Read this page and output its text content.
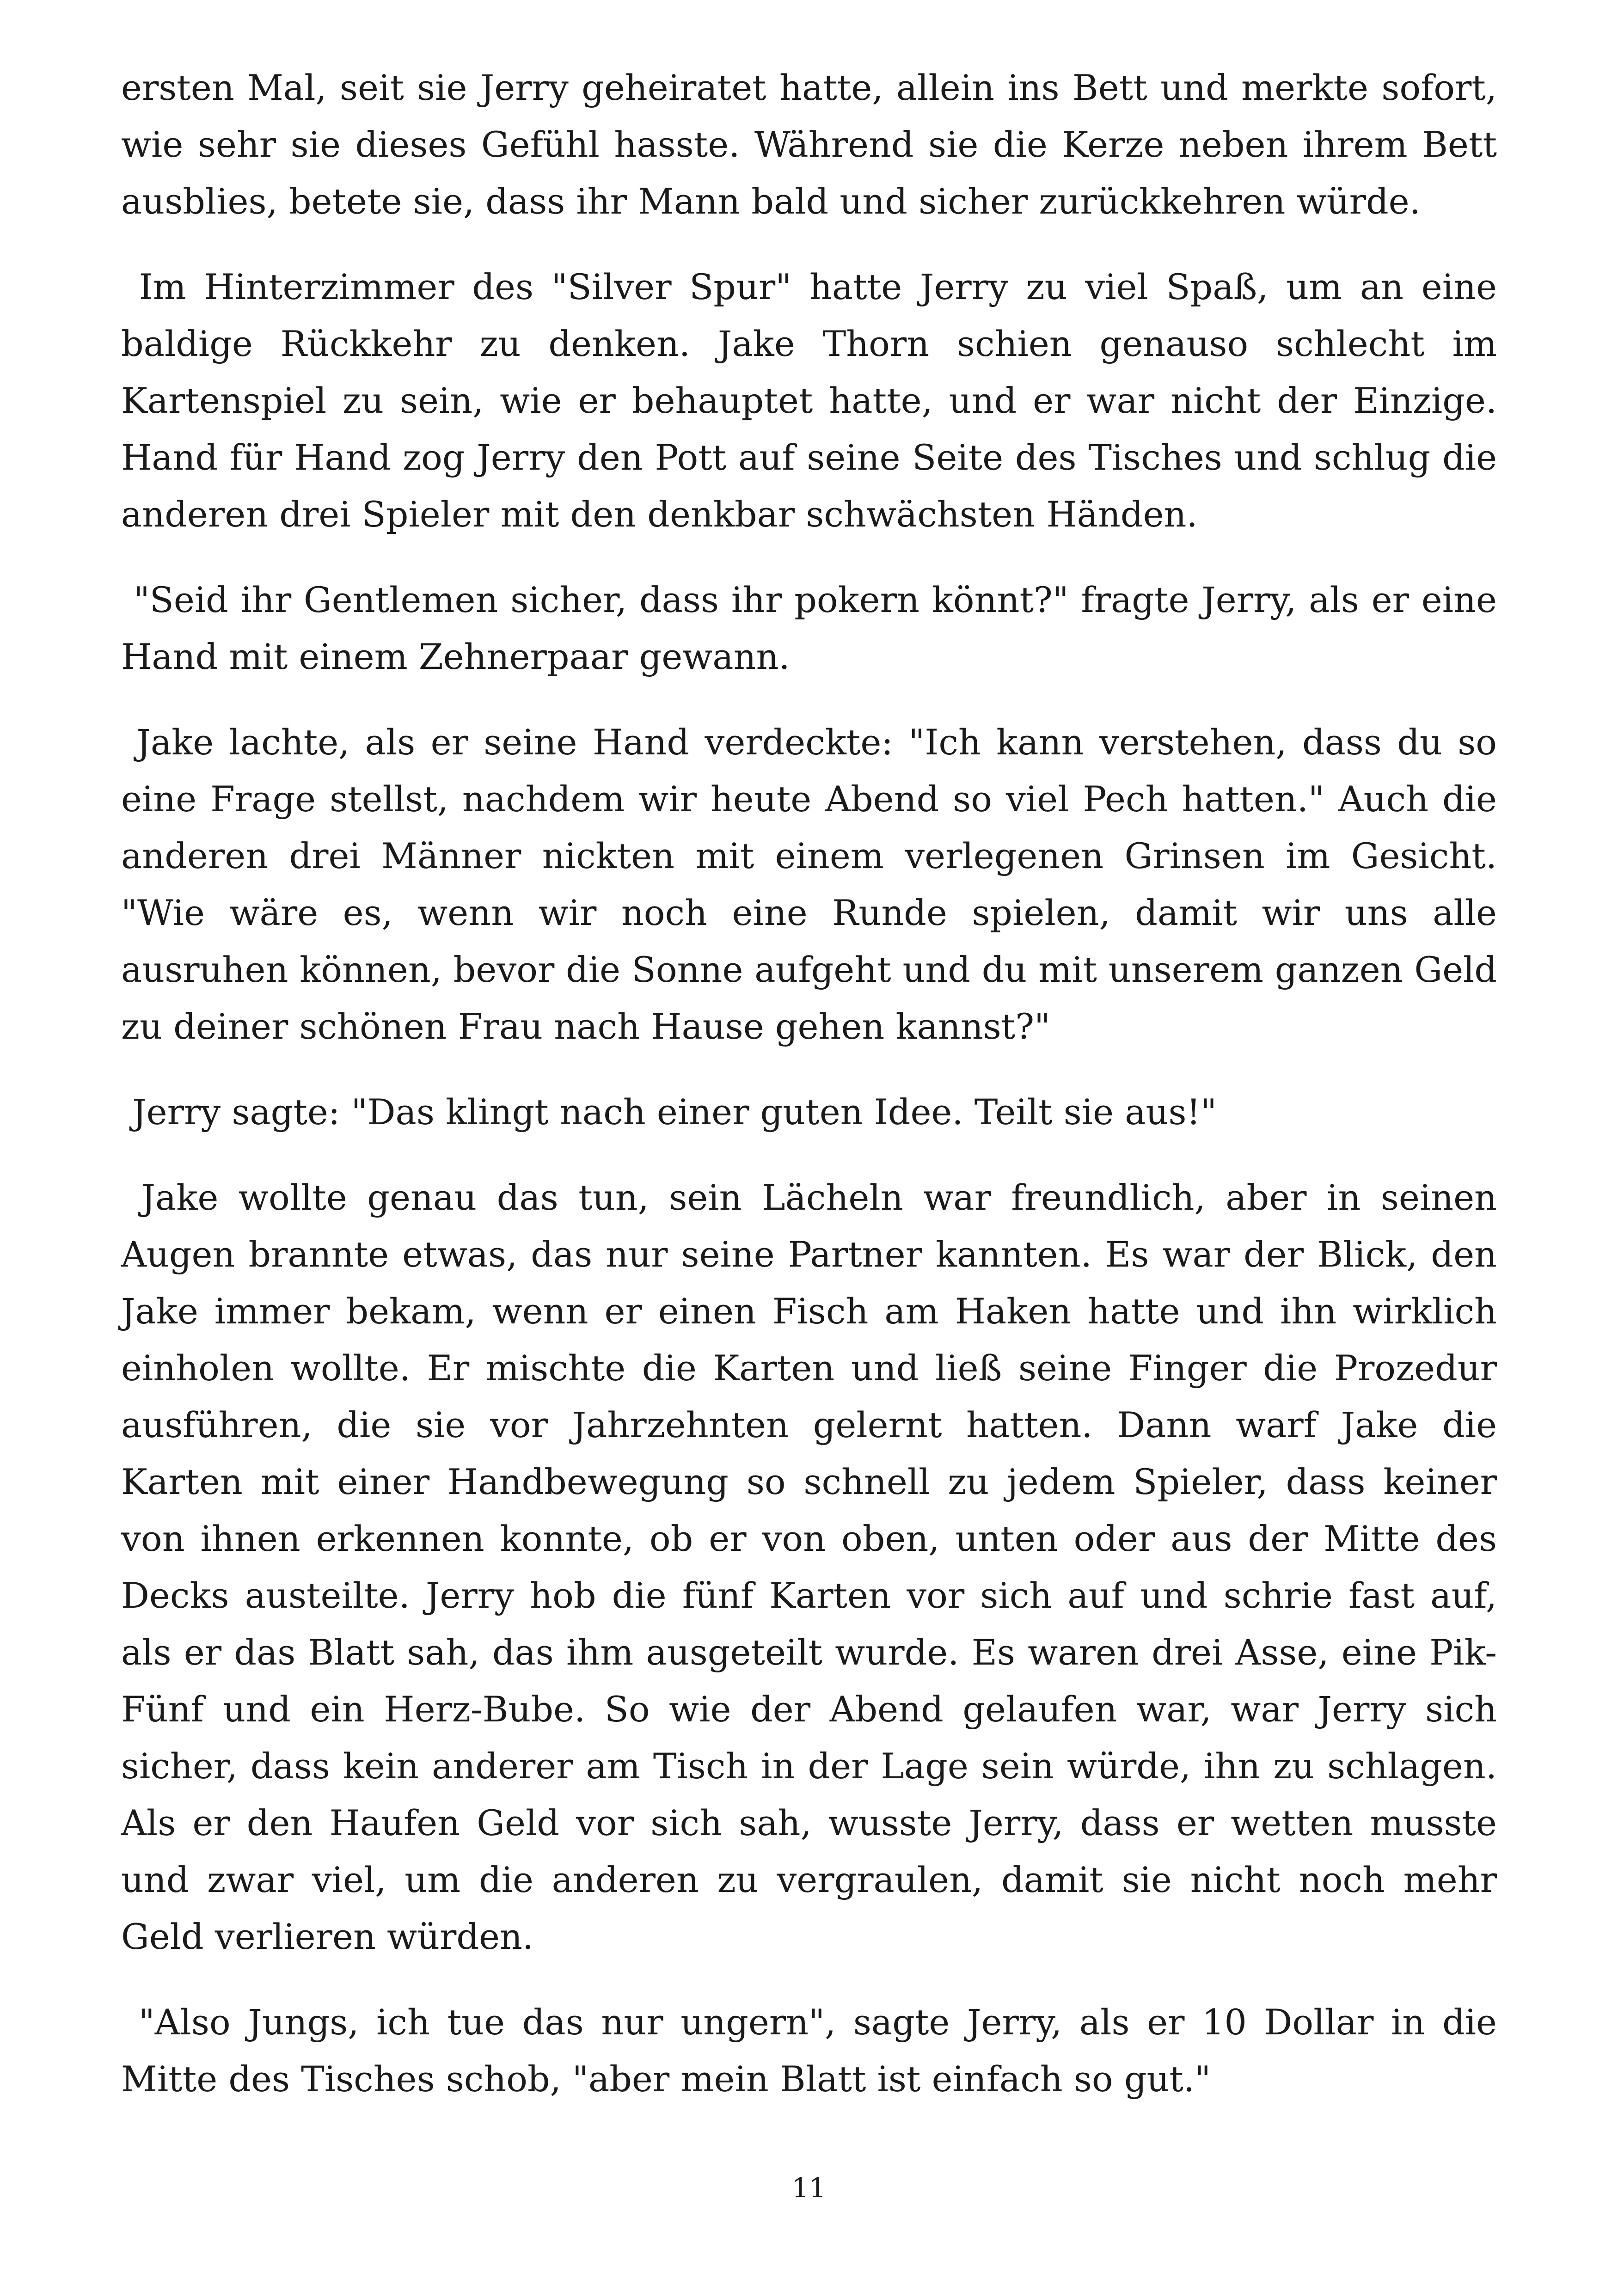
ersten Mal, seit sie Jerry geheiratet hatte, allein ins Bett und merkte sofort, wie sehr sie dieses Gefühl hasste. Während sie die Kerze neben ihrem Bett ausblies, betete sie, dass ihr Mann bald und sicher zurückkehren würde.

Im Hinterzimmer des "Silver Spur" hatte Jerry zu viel Spaß, um an eine baldige Rückkehr zu denken. Jake Thorn schien genauso schlecht im Kartenspiel zu sein, wie er behauptet hatte, und er war nicht der Einzige. Hand für Hand zog Jerry den Pott auf seine Seite des Tisches und schlug die anderen drei Spieler mit den denkbar schwächsten Händen.

"Seid ihr Gentlemen sicher, dass ihr pokern könnt?" fragte Jerry, als er eine Hand mit einem Zehnerpaar gewann.

Jake lachte, als er seine Hand verdeckte: "Ich kann verstehen, dass du so eine Frage stellst, nachdem wir heute Abend so viel Pech hatten." Auch die anderen drei Männer nickten mit einem verlegenen Grinsen im Gesicht. "Wie wäre es, wenn wir noch eine Runde spielen, damit wir uns alle ausruhen können, bevor die Sonne aufgeht und du mit unserem ganzen Geld zu deiner schönen Frau nach Hause gehen kannst?"

Jerry sagte: "Das klingt nach einer guten Idee. Teilt sie aus!"

Jake wollte genau das tun, sein Lächeln war freundlich, aber in seinen Augen brannte etwas, das nur seine Partner kannten. Es war der Blick, den Jake immer bekam, wenn er einen Fisch am Haken hatte und ihn wirklich einholen wollte. Er mischte die Karten und ließ seine Finger die Prozedur ausführen, die sie vor Jahrzehnten gelernt hatten. Dann warf Jake die Karten mit einer Handbewegung so schnell zu jedem Spieler, dass keiner von ihnen erkennen konnte, ob er von oben, unten oder aus der Mitte des Decks austeilte. Jerry hob die fünf Karten vor sich auf und schrie fast auf, als er das Blatt sah, das ihm ausgeteilt wurde. Es waren drei Asse, eine Pik-Fünf und ein Herz-Bube. So wie der Abend gelaufen war, war Jerry sich sicher, dass kein anderer am Tisch in der Lage sein würde, ihn zu schlagen. Als er den Haufen Geld vor sich sah, wusste Jerry, dass er wetten musste und zwar viel, um die anderen zu vergraulen, damit sie nicht noch mehr Geld verlieren würden.

"Also Jungs, ich tue das nur ungern", sagte Jerry, als er 10 Dollar in die Mitte des Tisches schob, "aber mein Blatt ist einfach so gut."

11
